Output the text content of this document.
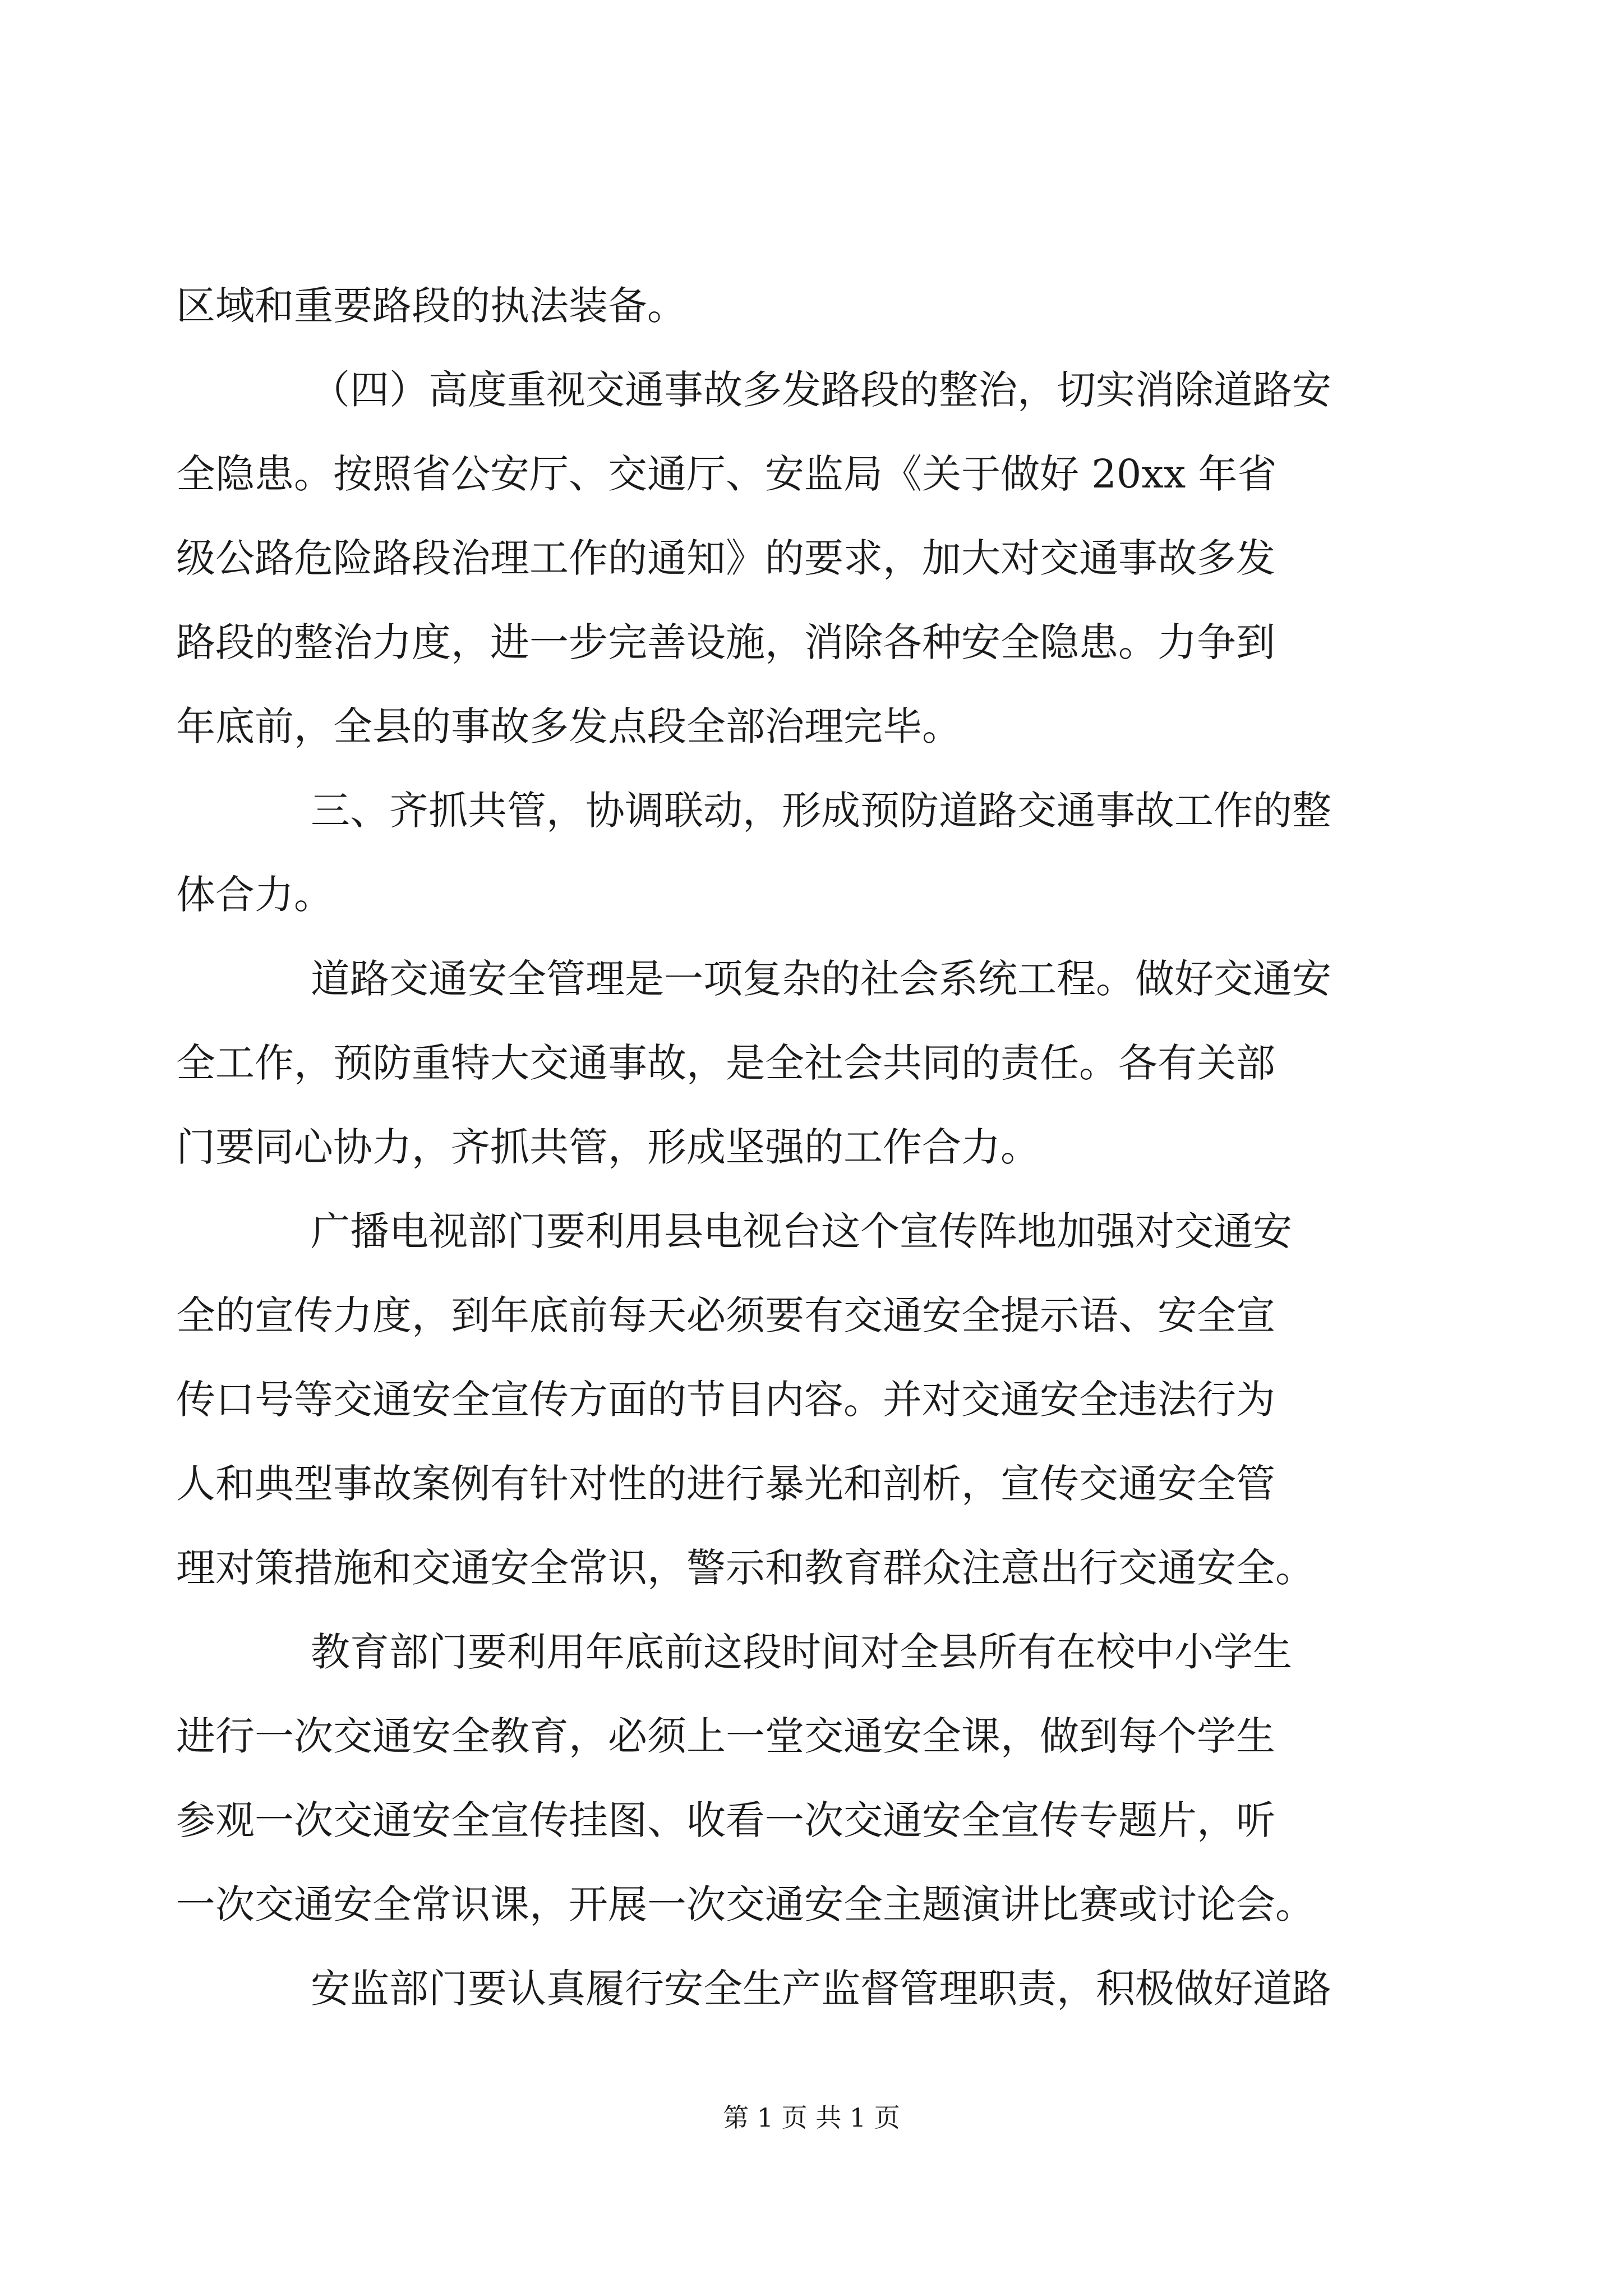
区域和重要路段的执法装备。
（四）高度重视交通事故多发路段的整治，切实消除道路安
全隐患。按照省公安厅、交通厅、安监局《关于做好 20xx 年省
级公路危险路段治理工作的通知》的要求，加大对交通事故多发
路段的整治力度，进一步完善设施，消除各种安全隐患。力争到
年底前，全县的事故多发点段全部治理完毕。
三、齐抓共管，协调联动，形成预防道路交通事故工作的整
体合力。
道路交通安全管理是一项复杂的社会系统工程。做好交通安
全工作，预防重特大交通事故，是全社会共同的责任。各有关部
门要同心协力，齐抓共管，形成坚强的工作合力。
广播电视部门要利用县电视台这个宣传阵地加强对交通安
全的宣传力度，到年底前每天必须要有交通安全提示语、安全宣
传口号等交通安全宣传方面的节目内容。并对交通安全违法行为
人和典型事故案例有针对性的进行暴光和剖析，宣传交通安全管
理对策措施和交通安全常识，警示和教育群众注意出行交通安全。
教育部门要利用年底前这段时间对全县所有在校中小学生
进行一次交通安全教育，必须上一堂交通安全课，做到每个学生
参观一次交通安全宣传挂图、收看一次交通安全宣传专题片，听
一次交通安全常识课，开展一次交通安全主题演讲比赛或讨论会。
安监部门要认真履行安全生产监督管理职责，积极做好道路
第 1 页 共 1 页
